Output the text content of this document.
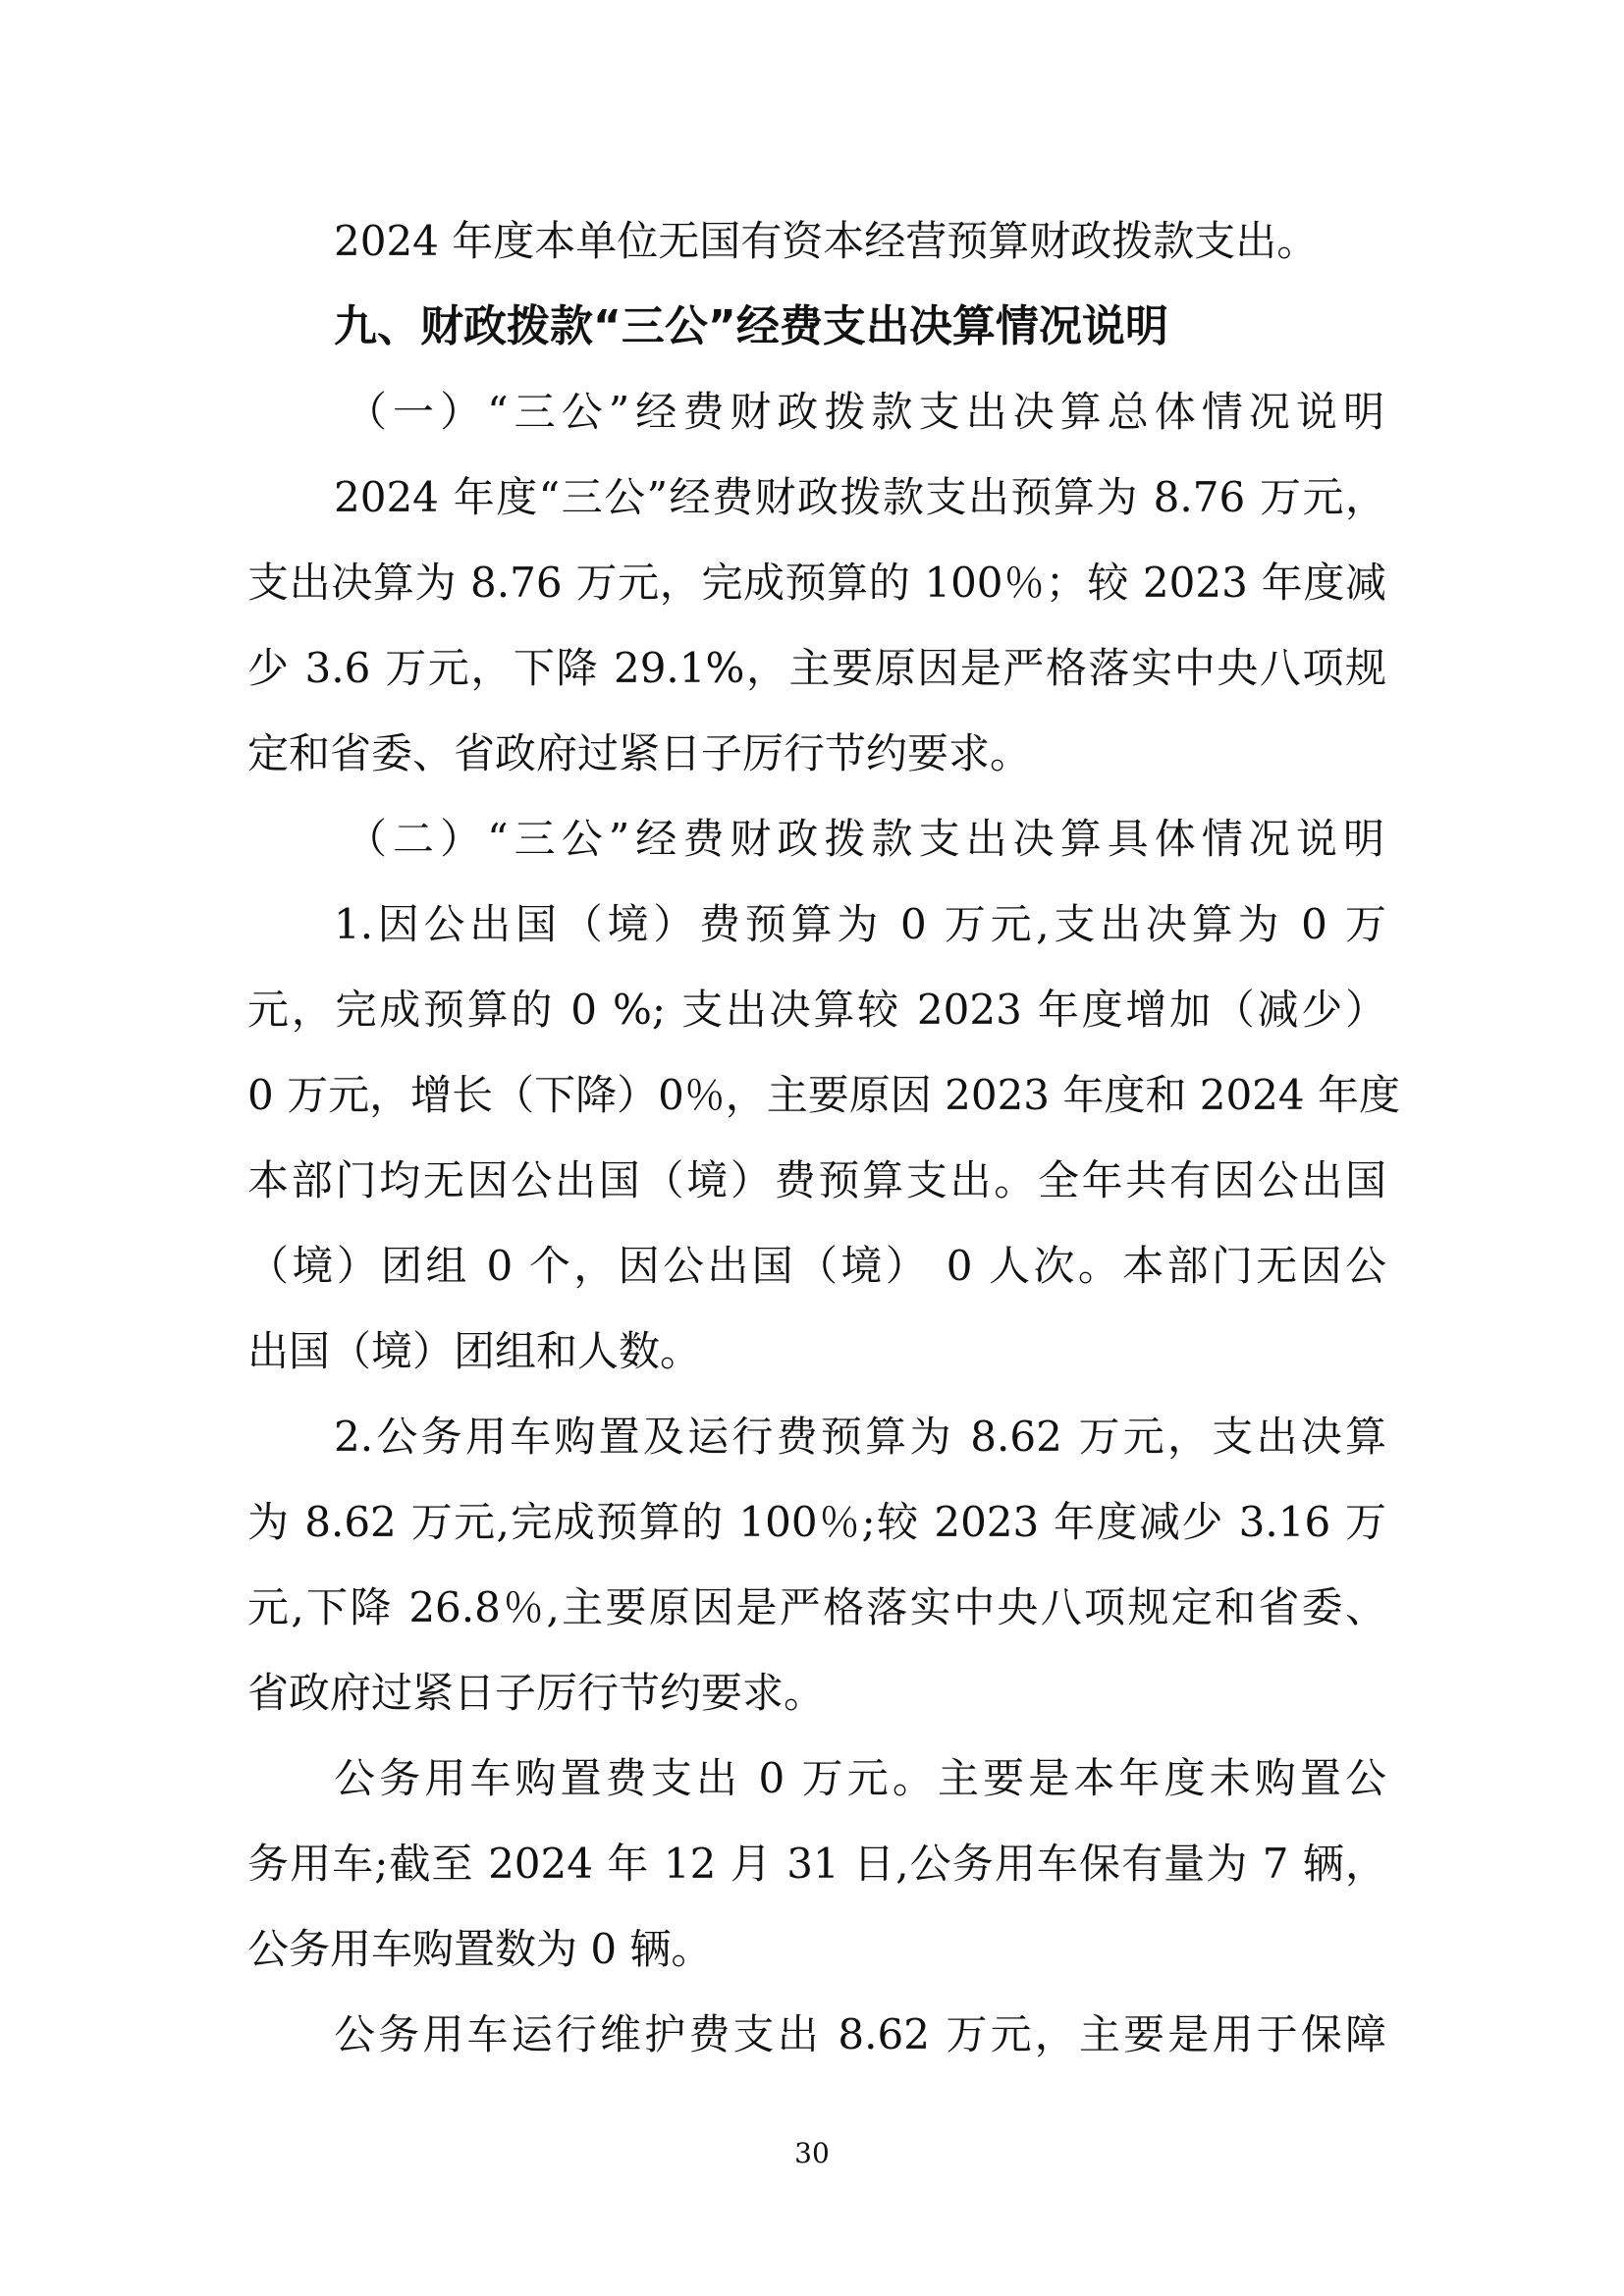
2024 年度本单位无国有资本经营预算财政拨款支出。
九、财政拨款“三公”经费支出决算情况说明
（一）“三公”经费财政拨款支出决算总体情况说明
2024 年度“三公”经费财政拨款支出预算为 8.76 万元，
支出决算为 8.76 万元，完成预算的 100％；较 2023 年度减
少 3.6 万元，下降 29.1%，主要原因是严格落实中央八项规
定和省委、省政府过紧日子厉行节约要求。
（二）“三公”经费财政拨款支出决算具体情况说明
1.因公出国（境）费预算为 0 万元,支出决算为 0 万
元，完成预算的 0 %; 支出决算较 2023 年度增加（减少）
0 万元，增长（下降）0％，主要原因 2023 年度和 2024 年度
本部门均无因公出国（境）费预算支出。全年共有因公出国
（境）团组 0 个，因公出国（境） 0 人次。本部门无因公
出国（境）团组和人数。
2.公务用车购置及运行费预算为 8.62 万元，支出决算
为 8.62 万元,完成预算的 100％;较 2023 年度减少 3.16 万
元,下降 26.8％,主要原因是严格落实中央八项规定和省委、
省政府过紧日子厉行节约要求。
公务用车购置费支出 0 万元。主要是本年度未购置公
务用车;截至 2024 年 12 月 31 日,公务用车保有量为 7 辆，
公务用车购置数为 0 辆。
公务用车运行维护费支出 8.62 万元，主要是用于保障
30
